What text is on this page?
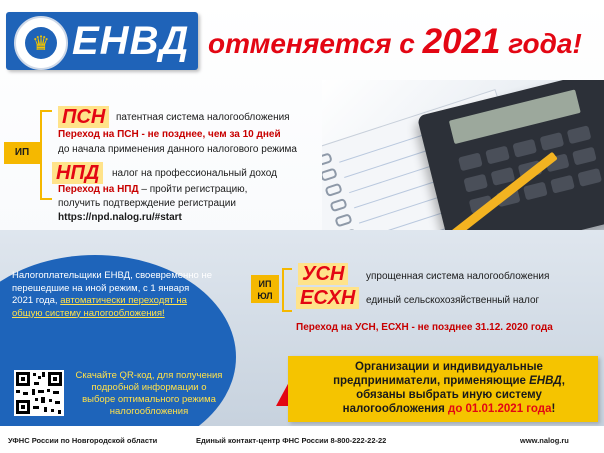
♛ ЕНВД отменяется с 2021 года!
ИП
ПСН	патентная система налогообложения
Переход на ПСН - не позднее, чем за 10 дней
до начала применения данного налогового режима
НПД	налог на профессиональный доход
Переход на НПД – пройти регистрацию,
получить подтверждение регистрации
https://npd.nalog.ru/#start
Налогоплательщики ЕНВД, своевременно не перешедшие на иной режим, с 1 января 2021 года, автоматически переходят на общую систему налогообложения!
Скачайте QR-код, для получения подробной информации о выборе оптимального режима налогообложения
ИП
ЮЛ
УСН	упрощенная система налогообложения
ЕСХН	единый сельскохозяйственный налог
Переход на УСН, ЕСХН - не позднее 31.12. 2020 года
Организации и индивидуальные
предприниматели, применяющие ЕНВД,
обязаны выбрать иную систему
налогообложения до 01.01.2021 года!
УФНС России по Новгородской области	Единый контакт-центр ФНС России 8-800-222-22-22	www.nalog.ru
